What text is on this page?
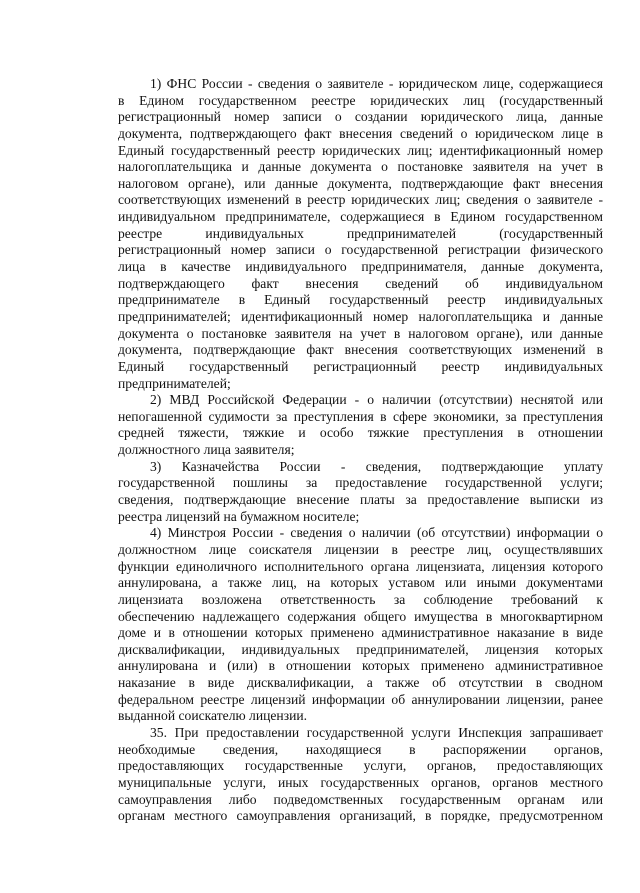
1) ФНС России - сведения о заявителе - юридическом лице, содержащиеся
в Едином государственном реестре юридических лиц (государственный
регистрационный номер записи о создании юридического лица, данные
документа, подтверждающего факт внесения сведений о юридическом лице в
Единый государственный реестр юридических лиц; идентификационный номер
налогоплательщика и данные документа о постановке заявителя на учет в
налоговом органе), или данные документа, подтверждающие факт внесения
соответствующих изменений в реестр юридических лиц; сведения о заявителе -
индивидуальном предпринимателе, содержащиеся в Едином государственном
реестре индивидуальных предпринимателей (государственный
регистрационный номер записи о государственной регистрации физического
лица в качестве индивидуального предпринимателя, данные документа,
подтверждающего факт внесения сведений об индивидуальном
предпринимателе в Единый государственный реестр индивидуальных
предпринимателей; идентификационный номер налогоплательщика и данные
документа о постановке заявителя на учет в налоговом органе), или данные
документа, подтверждающие факт внесения соответствующих изменений в
Единый государственный регистрационный реестр индивидуальных
предпринимателей;
2) МВД Российской Федерации - о наличии (отсутствии) неснятой или
непогашенной судимости за преступления в сфере экономики, за преступления
средней тяжести, тяжкие и особо тяжкие преступления в отношении
должностного лица заявителя;
3) Казначейства России - сведения, подтверждающие уплату
государственной пошлины за предоставление государственной услуги;
сведения, подтверждающие внесение платы за предоставление выписки из
реестра лицензий на бумажном носителе;
4) Минстроя России - сведения о наличии (об отсутствии) информации о
должностном лице соискателя лицензии в реестре лиц, осуществлявших
функции единоличного исполнительного органа лицензиата, лицензия которого
аннулирована, а также лиц, на которых уставом или иными документами
лицензиата возложена ответственность за соблюдение требований к
обеспечению надлежащего содержания общего имущества в многоквартирном
доме и в отношении которых применено административное наказание в виде
дисквалификации, индивидуальных предпринимателей, лицензия которых
аннулирована и (или) в отношении которых применено административное
наказание в виде дисквалификации, а также об отсутствии в сводном
федеральном реестре лицензий информации об аннулировании лицензии, ранее
выданной соискателю лицензии.
35. При предоставлении государственной услуги Инспекция запрашивает
необходимые сведения, находящиеся в распоряжении органов,
предоставляющих государственные услуги, органов, предоставляющих
муниципальные услуги, иных государственных органов, органов местного
самоуправления либо подведомственных государственным органам или
органам местного самоуправления организаций, в порядке, предусмотренном
